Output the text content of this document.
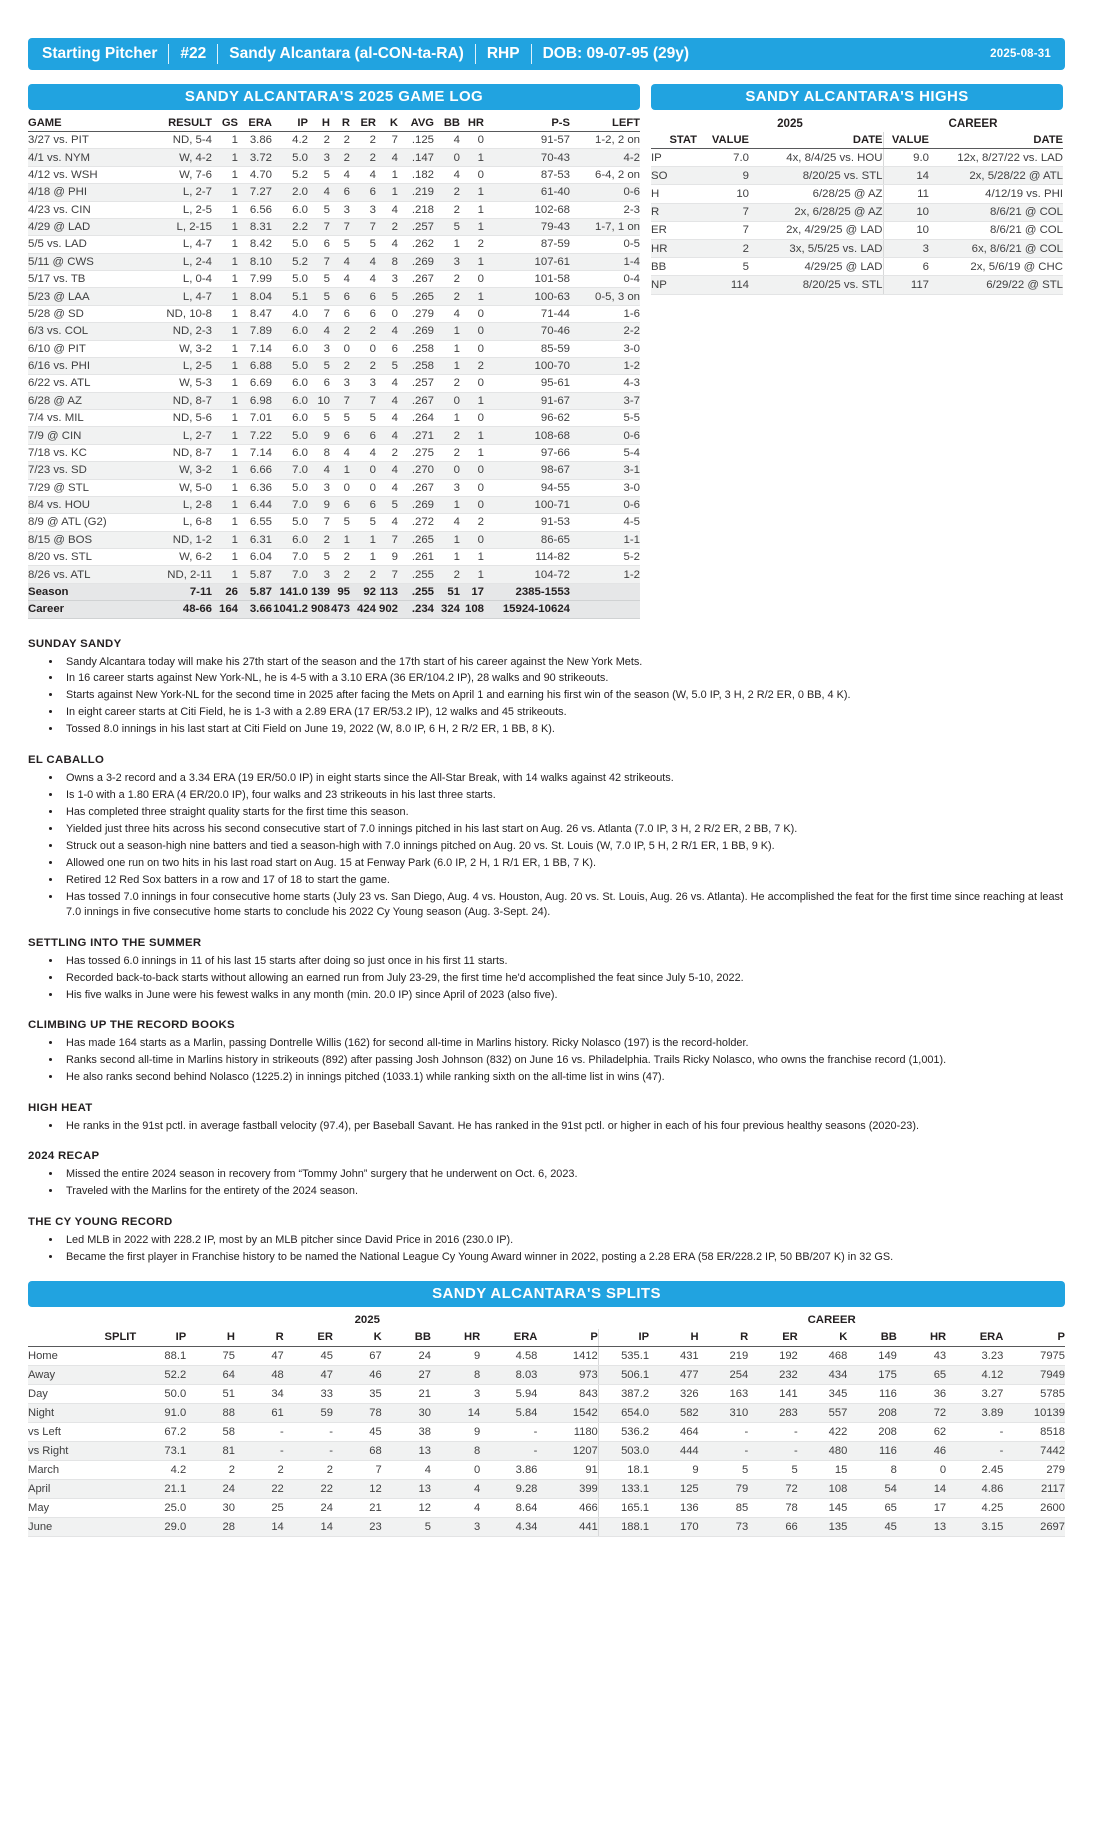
Starting Pitcher #22 Sandy Alcantara (al-CON-ta-RA) RHP DOB: 09-07-95 (29y)	2025-08-31
SANDY ALCANTARA'S 2025 GAME LOG
GAME	RESULT	GS	ERA	IP	H	R	ER	K	AVG	BB	HR	P-S	LEFT
3/27 vs. PIT	ND, 5-4	1	3.86	4.2	2	2	2	7	.125	4	0	91-57	1-2, 2 on
4/1 vs. NYM	W, 4-2	1	3.72	5.0	3	2	2	4	.147	0	1	70-43	4-2
4/12 vs. WSH	W, 7-6	1	4.70	5.2	5	4	4	1	.182	4	0	87-53	6-4, 2 on
4/18 @ PHI	L, 2-7	1	7.27	2.0	4	6	6	1	.219	2	1	61-40	0-6
4/23 vs. CIN	L, 2-5	1	6.56	6.0	5	3	3	4	.218	2	1	102-68	2-3
4/29 @ LAD	L, 2-15	1	8.31	2.2	7	7	7	2	.257	5	1	79-43	1-7, 1 on
5/5 vs. LAD	L, 4-7	1	8.42	5.0	6	5	5	4	.262	1	2	87-59	0-5
5/11 @ CWS	L, 2-4	1	8.10	5.2	7	4	4	8	.269	3	1	107-61	1-4
5/17 vs. TB	L, 0-4	1	7.99	5.0	5	4	4	3	.267	2	0	101-58	0-4
5/23 @ LAA	L, 4-7	1	8.04	5.1	5	6	6	5	.265	2	1	100-63	0-5, 3 on
5/28 @ SD	ND, 10-8	1	8.47	4.0	7	6	6	0	.279	4	0	71-44	1-6
6/3 vs. COL	ND, 2-3	1	7.89	6.0	4	2	2	4	.269	1	0	70-46	2-2
6/10 @ PIT	W, 3-2	1	7.14	6.0	3	0	0	6	.258	1	0	85-59	3-0
6/16 vs. PHI	L, 2-5	1	6.88	5.0	5	2	2	5	.258	1	2	100-70	1-2
6/22 vs. ATL	W, 5-3	1	6.69	6.0	6	3	3	4	.257	2	0	95-61	4-3
6/28 @ AZ	ND, 8-7	1	6.98	6.0	10	7	7	4	.267	0	1	91-67	3-7
7/4 vs. MIL	ND, 5-6	1	7.01	6.0	5	5	5	4	.264	1	0	96-62	5-5
7/9 @ CIN	L, 2-7	1	7.22	5.0	9	6	6	4	.271	2	1	108-68	0-6
7/18 vs. KC	ND, 8-7	1	7.14	6.0	8	4	4	2	.275	2	1	97-66	5-4
7/23 vs. SD	W, 3-2	1	6.66	7.0	4	1	0	4	.270	0	0	98-67	3-1
7/29 @ STL	W, 5-0	1	6.36	5.0	3	0	0	4	.267	3	0	94-55	3-0
8/4 vs. HOU	L, 2-8	1	6.44	7.0	9	6	6	5	.269	1	0	100-71	0-6
8/9 @ ATL (G2)	L, 6-8	1	6.55	5.0	7	5	5	4	.272	4	2	91-53	4-5
8/15 @ BOS	ND, 1-2	1	6.31	6.0	2	1	1	7	.265	1	0	86-65	1-1
8/20 vs. STL	W, 6-2	1	6.04	7.0	5	2	1	9	.261	1	1	114-82	5-2
8/26 vs. ATL	ND, 2-11	1	5.87	7.0	3	2	2	7	.255	2	1	104-72	1-2
Season	7-11	26	5.87	141.0	139	95	92	113	.255	51	17	2385-1553	
Career	48-66	164	3.66	1041.2	908	473	424	902	.234	324	108	15924-10624	
SANDY ALCANTARA'S HIGHS
	2025		CAREER	
STAT	VALUE	DATE	VALUE	DATE
IP	7.0	4x, 8/4/25 vs. HOU	9.0	12x, 8/27/22 vs. LAD
SO	9	8/20/25 vs. STL	14	2x, 5/28/22 @ ATL
H	10	6/28/25 @ AZ	11	4/12/19 vs. PHI
R	7	2x, 6/28/25 @ AZ	10	8/6/21 @ COL
ER	7	2x, 4/29/25 @ LAD	10	8/6/21 @ COL
HR	2	3x, 5/5/25 vs. LAD	3	6x, 8/6/21 @ COL
BB	5	4/29/25 @ LAD	6	2x, 5/6/19 @ CHC
NP	114	8/20/25 vs. STL	117	6/29/22 @ STL
SUNDAY SANDY
• Sandy Alcantara today will make his 27th start of the season and the 17th start of his career against the New York Mets.
• In 16 career starts against New York-NL, he is 4-5 with a 3.10 ERA (36 ER/104.2 IP), 28 walks and 90 strikeouts.
• Starts against New York-NL for the second time in 2025 after facing the Mets on April 1 and earning his first win of the season (W, 5.0 IP, 3 H, 2 R/2 ER, 0 BB, 4 K).
• In eight career starts at Citi Field, he is 1-3 with a 2.89 ERA (17 ER/53.2 IP), 12 walks and 45 strikeouts.
• Tossed 8.0 innings in his last start at Citi Field on June 19, 2022 (W, 8.0 IP, 6 H, 2 R/2 ER, 1 BB, 8 K).
EL CABALLO
• Owns a 3-2 record and a 3.34 ERA (19 ER/50.0 IP) in eight starts since the All-Star Break, with 14 walks against 42 strikeouts.
• Is 1-0 with a 1.80 ERA (4 ER/20.0 IP), four walks and 23 strikeouts in his last three starts.
• Has completed three straight quality starts for the first time this season.
• Yielded just three hits across his second consecutive start of 7.0 innings pitched in his last start on Aug. 26 vs. Atlanta (7.0 IP, 3 H, 2 R/2 ER, 2 BB, 7 K).
• Struck out a season-high nine batters and tied a season-high with 7.0 innings pitched on Aug. 20 vs. St. Louis (W, 7.0 IP, 5 H, 2 R/1 ER, 1 BB, 9 K).
• Allowed one run on two hits in his last road start on Aug. 15 at Fenway Park (6.0 IP, 2 H, 1 R/1 ER, 1 BB, 7 K).
• Retired 12 Red Sox batters in a row and 17 of 18 to start the game.
• Has tossed 7.0 innings in four consecutive home starts (July 23 vs. San Diego, Aug. 4 vs. Houston, Aug. 20 vs. St. Louis, Aug. 26 vs. Atlanta). He accomplished the feat for the first time since reaching at least 7.0 innings in five consecutive home starts to conclude his 2022 Cy Young season (Aug. 3-Sept. 24).
SETTLING INTO THE SUMMER
• Has tossed 6.0 innings in 11 of his last 15 starts after doing so just once in his first 11 starts.
• Recorded back-to-back starts without allowing an earned run from July 23-29, the first time he'd accomplished the feat since July 5-10, 2022.
• His five walks in June were his fewest walks in any month (min. 20.0 IP) since April of 2023 (also five).
CLIMBING UP THE RECORD BOOKS
• Has made 164 starts as a Marlin, passing Dontrelle Willis (162) for second all-time in Marlins history. Ricky Nolasco (197) is the record-holder.
• Ranks second all-time in Marlins history in strikeouts (892) after passing Josh Johnson (832) on June 16 vs. Philadelphia. Trails Ricky Nolasco, who owns the franchise record (1,001).
• He also ranks second behind Nolasco (1225.2) in innings pitched (1033.1) while ranking sixth on the all-time list in wins (47).
HIGH HEAT
• He ranks in the 91st pctl. in average fastball velocity (97.4), per Baseball Savant. He has ranked in the 91st pctl. or higher in each of his four previous healthy seasons (2020-23).
2024 RECAP
• Missed the entire 2024 season in recovery from “Tommy John” surgery that he underwent on Oct. 6, 2023.
• Traveled with the Marlins for the entirety of the 2024 season.
THE CY YOUNG RECORD
• Led MLB in 2022 with 228.2 IP, most by an MLB pitcher since David Price in 2016 (230.0 IP).
• Became the first player in Franchise history to be named the National League Cy Young Award winner in 2022, posting a 2.28 ERA (58 ER/228.2 IP, 50 BB/207 K) in 32 GS.
SANDY ALCANTARA'S SPLITS
	2025									CAREER								
SPLIT	IP	H	R	ER	K	BB	HR	ERA	P	IP	H	R	ER	K	BB	HR	ERA	P
Home	88.1	75	47	45	67	24	9	4.58	1412	535.1	431	219	192	468	149	43	3.23	7975
Away	52.2	64	48	47	46	27	8	8.03	973	506.1	477	254	232	434	175	65	4.12	7949
Day	50.0	51	34	33	35	21	3	5.94	843	387.2	326	163	141	345	116	36	3.27	5785
Night	91.0	88	61	59	78	30	14	5.84	1542	654.0	582	310	283	557	208	72	3.89	10139
vs Left	67.2	58	-	-	45	38	9	-	1180	536.2	464	-	-	422	208	62	-	8518
vs Right	73.1	81	-	-	68	13	8	-	1207	503.0	444	-	-	480	116	46	-	7442
March	4.2	2	2	2	7	4	0	3.86	91	18.1	9	5	5	15	8	0	2.45	279
April	21.1	24	22	22	12	13	4	9.28	399	133.1	125	79	72	108	54	14	4.86	2117
May	25.0	30	25	24	21	12	4	8.64	466	165.1	136	85	78	145	65	17	4.25	2600
June	29.0	28	14	14	23	5	3	4.34	441	188.1	170	73	66	135	45	13	3.15	2697
